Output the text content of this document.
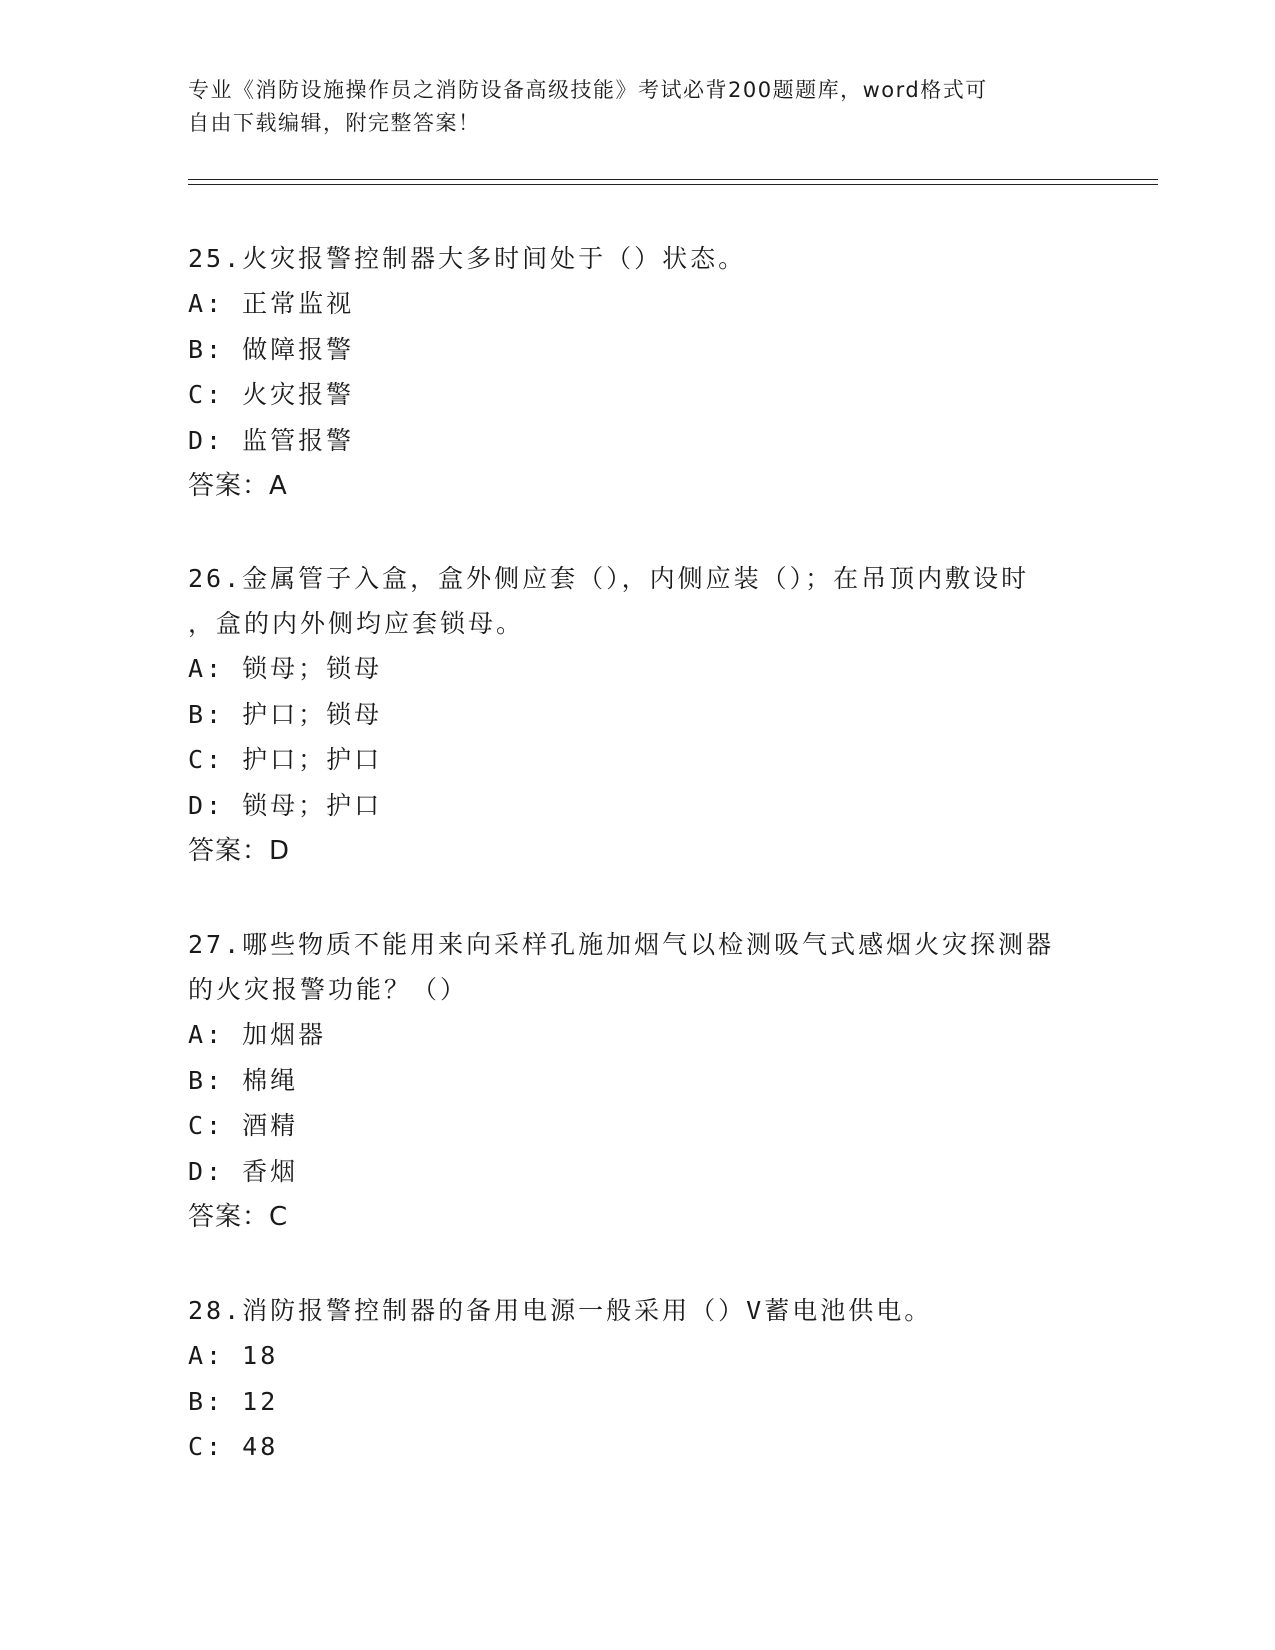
专业《消防设施操作员之消防设备高级技能》考试必背200题题库，word格式可
自由下载编辑，附完整答案！
25.火灾报警控制器大多时间处于（）状态。
A: 正常监视
B: 做障报警
C: 火灾报警
D: 监管报警
答案：A
26.金属管子入盒，盒外侧应套（），内侧应装（）；在吊顶内敷设时
，盒的内外侧均应套锁母。
A: 锁母；锁母
B: 护口；锁母
C: 护口；护口
D: 锁母；护口
答案：D
27.哪些物质不能用来向采样孔施加烟气以检测吸气式感烟火灾探测器
的火灾报警功能？（）
A: 加烟器
B: 棉绳
C: 酒精
D: 香烟
答案：C
28.消防报警控制器的备用电源一般采用（）V蓄电池供电。
A: 18
B: 12
C: 48
